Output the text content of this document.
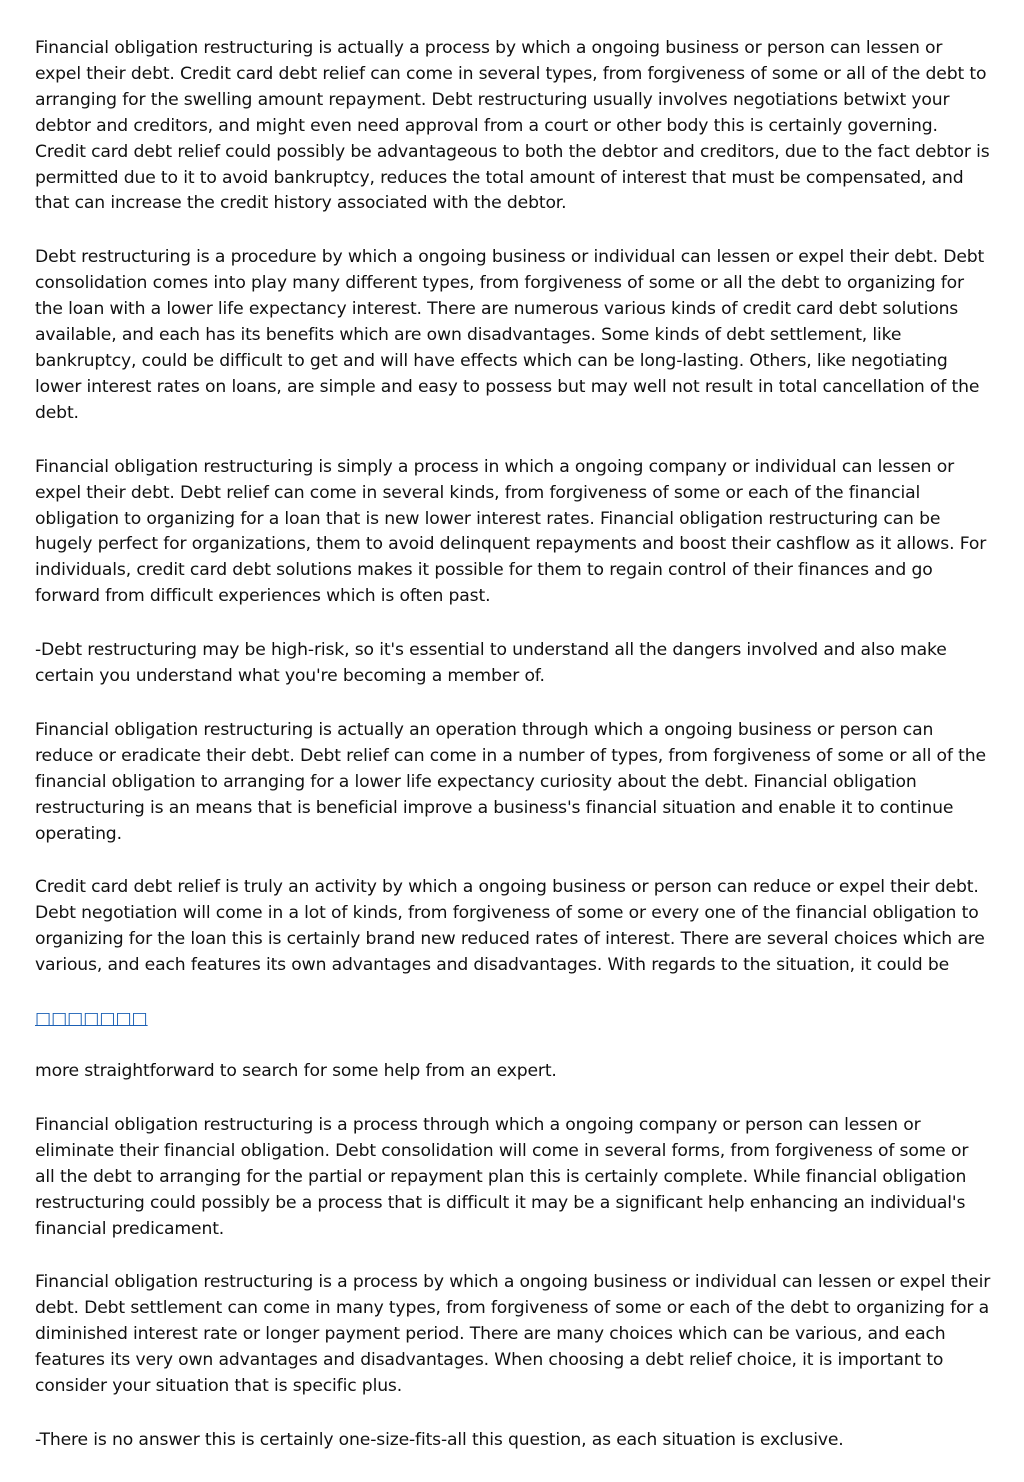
Financial obligation restructuring is actually a process by which a ongoing business or person can lessen or expel their debt. Credit card debt relief can come in several types, from forgiveness of some or all of the debt to arranging for the swelling amount repayment. Debt restructuring usually involves negotiations betwixt your debtor and creditors, and might even need approval from a court or other body this is certainly governing. Credit card debt relief could possibly be advantageous to both the debtor and creditors, due to the fact debtor is permitted due to it to avoid bankruptcy, reduces the total amount of interest that must be compensated, and that can increase the credit history associated with the debtor.

Debt restructuring is a procedure by which a ongoing business or individual can lessen or expel their debt. Debt consolidation comes into play many different types, from forgiveness of some or all the debt to organizing for the loan with a lower life expectancy interest. There are numerous various kinds of credit card debt solutions available, and each has its benefits which are own disadvantages. Some kinds of debt settlement, like bankruptcy, could be difficult to get and will have effects which can be long-lasting. Others, like negotiating lower interest rates on loans, are simple and easy to possess but may well not result in total cancellation of the debt.

Financial obligation restructuring is simply a process in which a ongoing company or individual can lessen or expel their debt. Debt relief can come in several kinds, from forgiveness of some or each of the financial obligation to organizing for a loan that is new lower interest rates. Financial obligation restructuring can be hugely perfect for organizations, them to avoid delinquent repayments and boost their cashflow as it allows. For individuals, credit card debt solutions makes it possible for them to regain control of their finances and go forward from difficult experiences which is often past.

-Debt restructuring may be high-risk, so it's essential to understand all the dangers involved and also make certain you understand what you're becoming a member of.

Financial obligation restructuring is actually an operation through which a ongoing business or person can reduce or eradicate their debt. Debt relief can come in a number of types, from forgiveness of some or all of the financial obligation to arranging for a lower life expectancy curiosity about the debt. Financial obligation restructuring is an means that is beneficial improve a business's financial situation and enable it to continue operating.

Credit card debt relief is truly an activity by which a ongoing business or person can reduce or expel their debt. Debt negotiation will come in a lot of kinds, from forgiveness of some or every one of the financial obligation to organizing for the loan this is certainly brand new reduced rates of interest. There are several choices which are various, and each features its own advantages and disadvantages. With regards to the situation, it could be

□□□□□□□

more straightforward to search for some help from an expert.

Financial obligation restructuring is a process through which a ongoing company or person can lessen or eliminate their financial obligation. Debt consolidation will come in several forms, from forgiveness of some or all the debt to arranging for the partial or repayment plan this is certainly complete. While financial obligation restructuring could possibly be a process that is difficult it may be a significant help enhancing an individual's financial predicament.

Financial obligation restructuring is a process by which a ongoing business or individual can lessen or expel their debt. Debt settlement can come in many types, from forgiveness of some or each of the debt to organizing for a diminished interest rate or longer payment period. There are many choices which can be various, and each features its very own advantages and disadvantages. When choosing a debt relief choice, it is important to consider your situation that is specific plus.

-There is no answer this is certainly one-size-fits-all this question, as each situation is exclusive.
